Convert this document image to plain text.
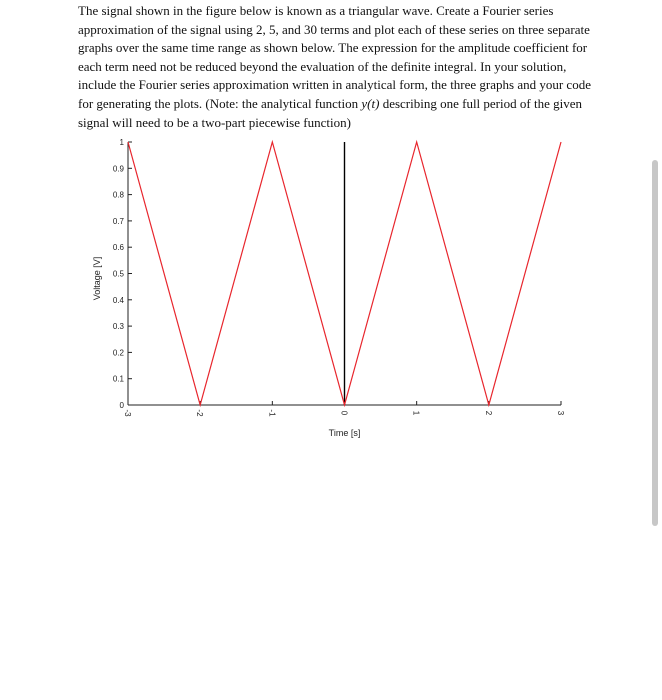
The signal shown in the figure below is known as a triangular wave. Create a Fourier series approximation of the signal using 2, 5, and 30 terms and plot each of these series on three separate graphs over the same time range as shown below. The expression for the amplitude coefficient for each term need not be reduced beyond the evaluation of the definite integral. In your solution, include the Fourier series approximation written in analytical form, the three graphs and your code for generating the plots. (Note: the analytical function y(t) describing one full period of the given signal will need to be a two-part piecewise function)

0
0.1
0.2
0.3
0.4
0.5
0.6
0.7
0.8
0.9
1
-3	-2	-1	0	1	2	3
Time [s]
Voltage [V]
